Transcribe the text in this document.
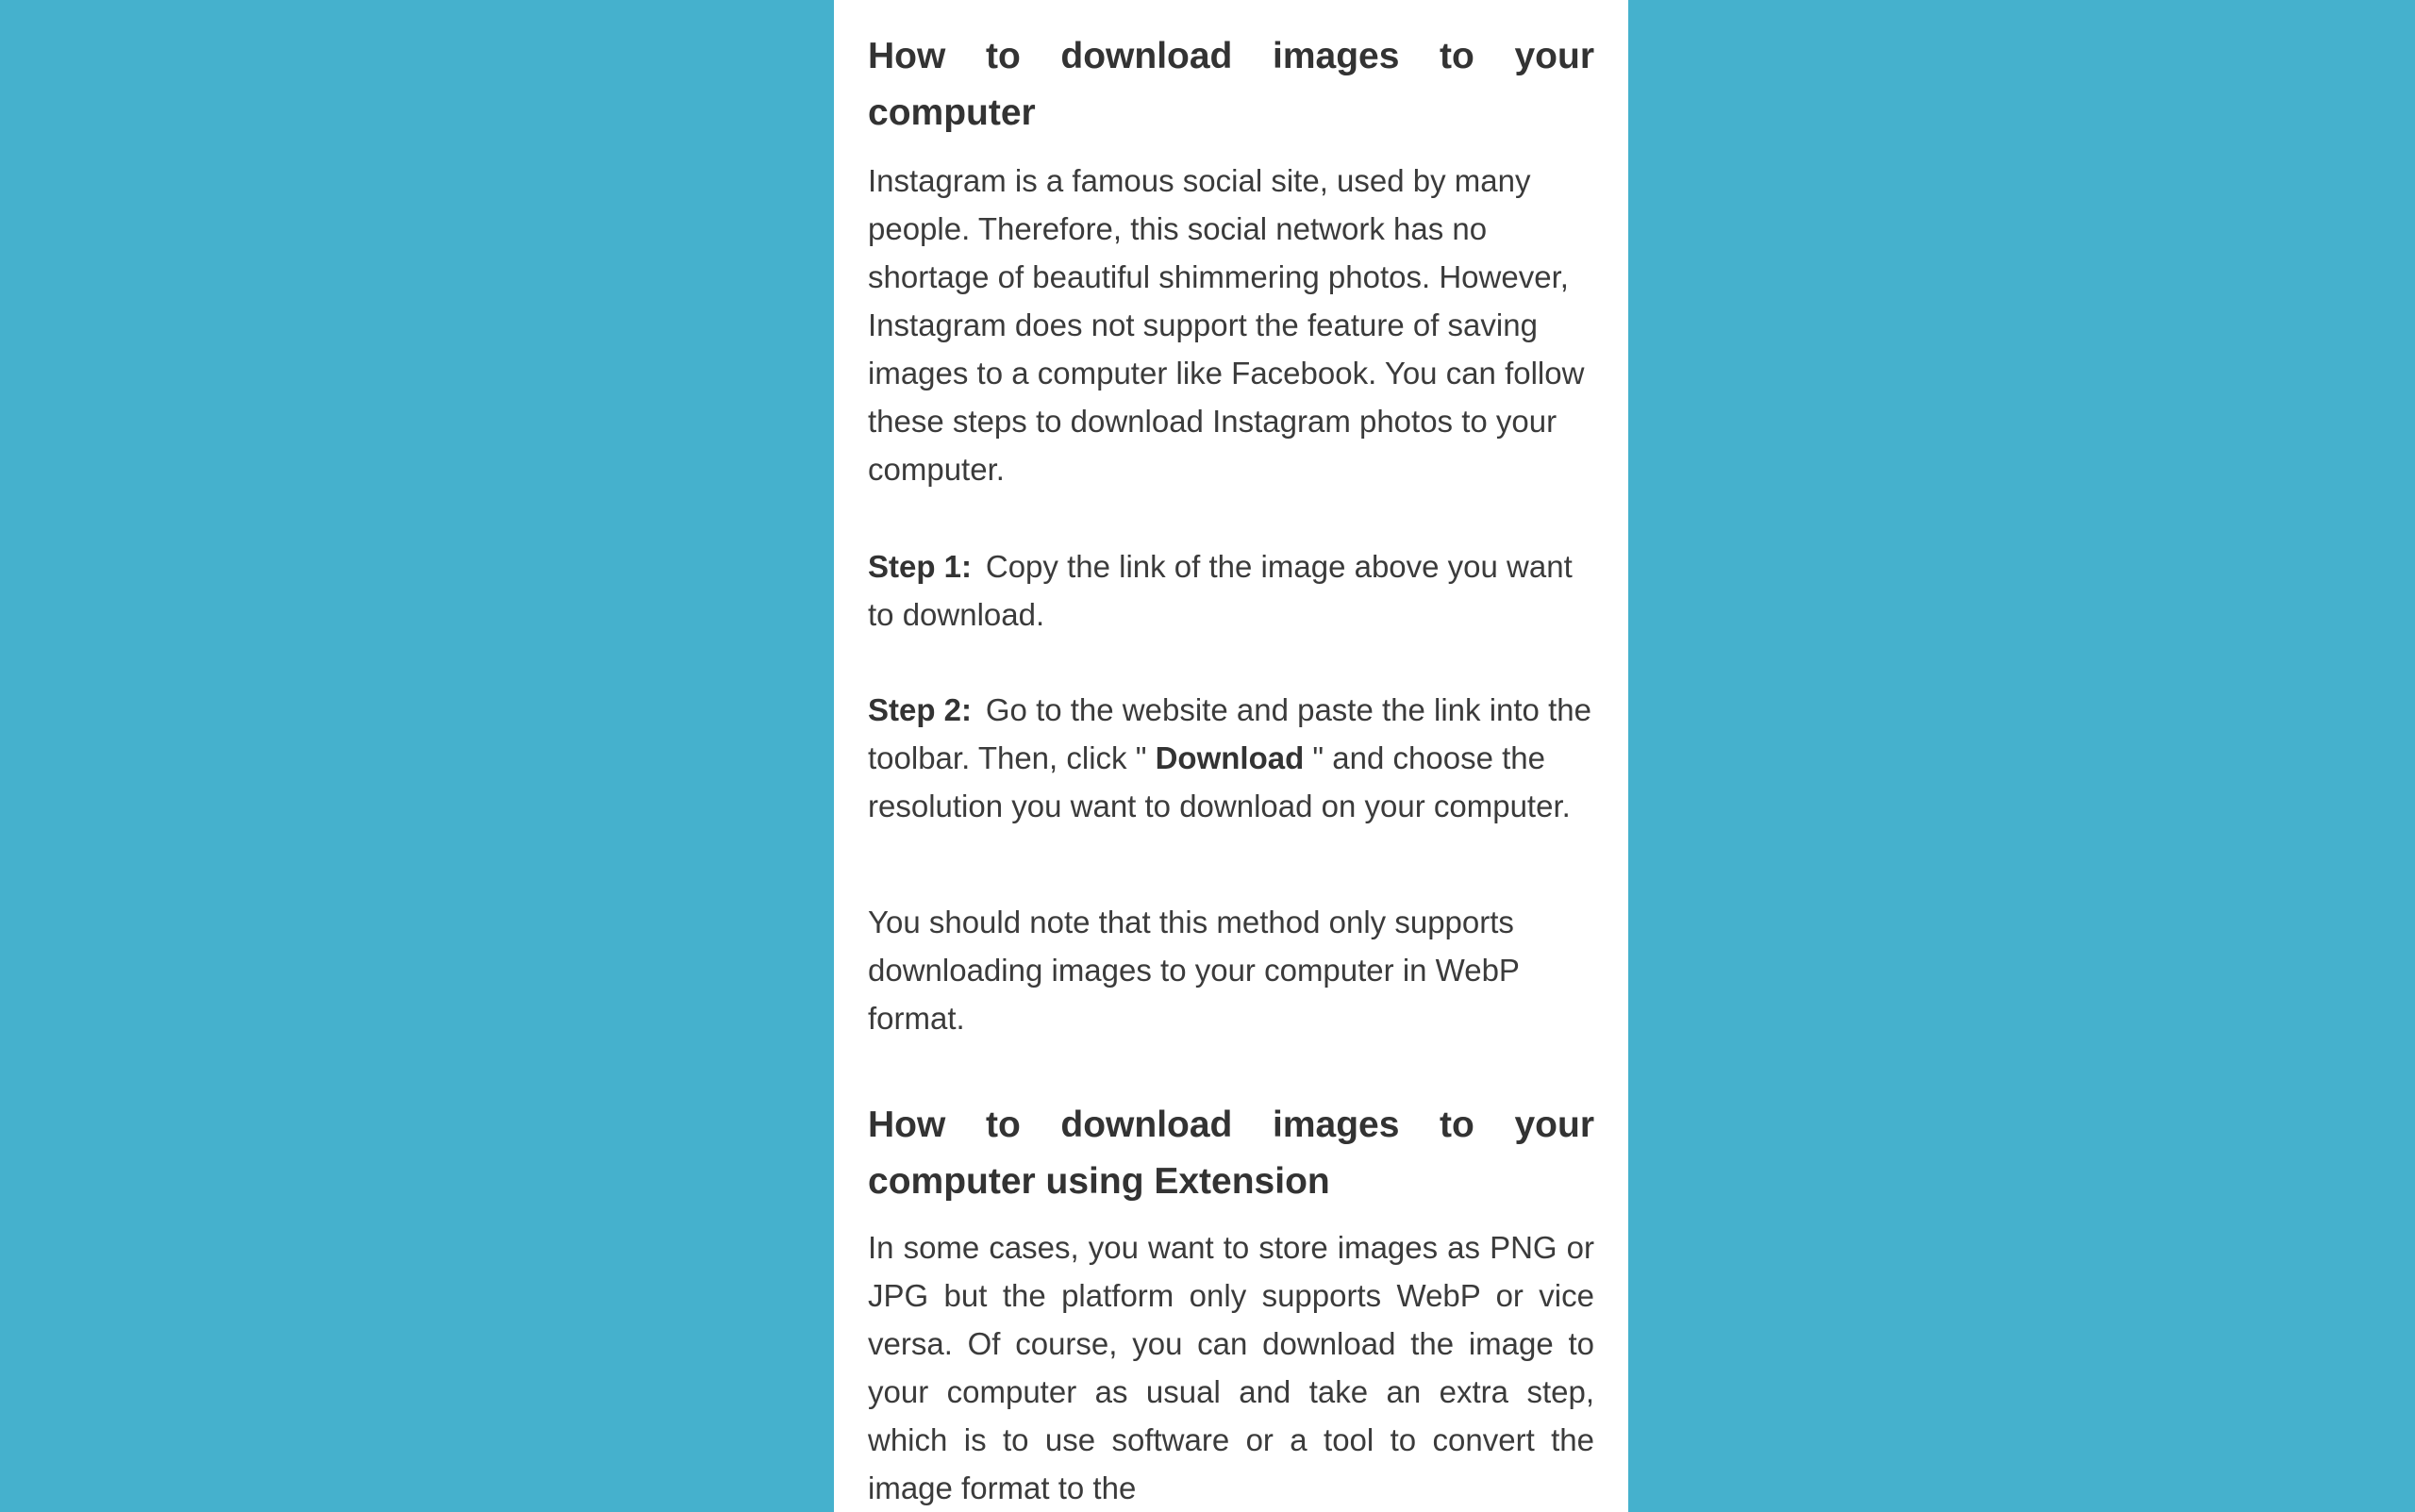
How to download images to your computer

Instagram is a famous social site, used by many people. Therefore, this social network has no shortage of beautiful shimmering photos. However, Instagram does not support the feature of saving images to a computer like Facebook. You can follow these steps to download Instagram photos to your computer.

Step 1: Copy the link of the image above you want to download.

Step 2: Go to the website and paste the link into the toolbar. Then, click " Download " and choose the resolution you want to download on your computer.

You should note that this method only supports downloading images to your computer in WebP format.

How to download images to your computer using Extension

In some cases, you want to store images as PNG or JPG but the platform only supports WebP or vice versa. Of course, you can download the image to your computer as usual and take an extra step, which is to use software or a tool to convert the image format to the
